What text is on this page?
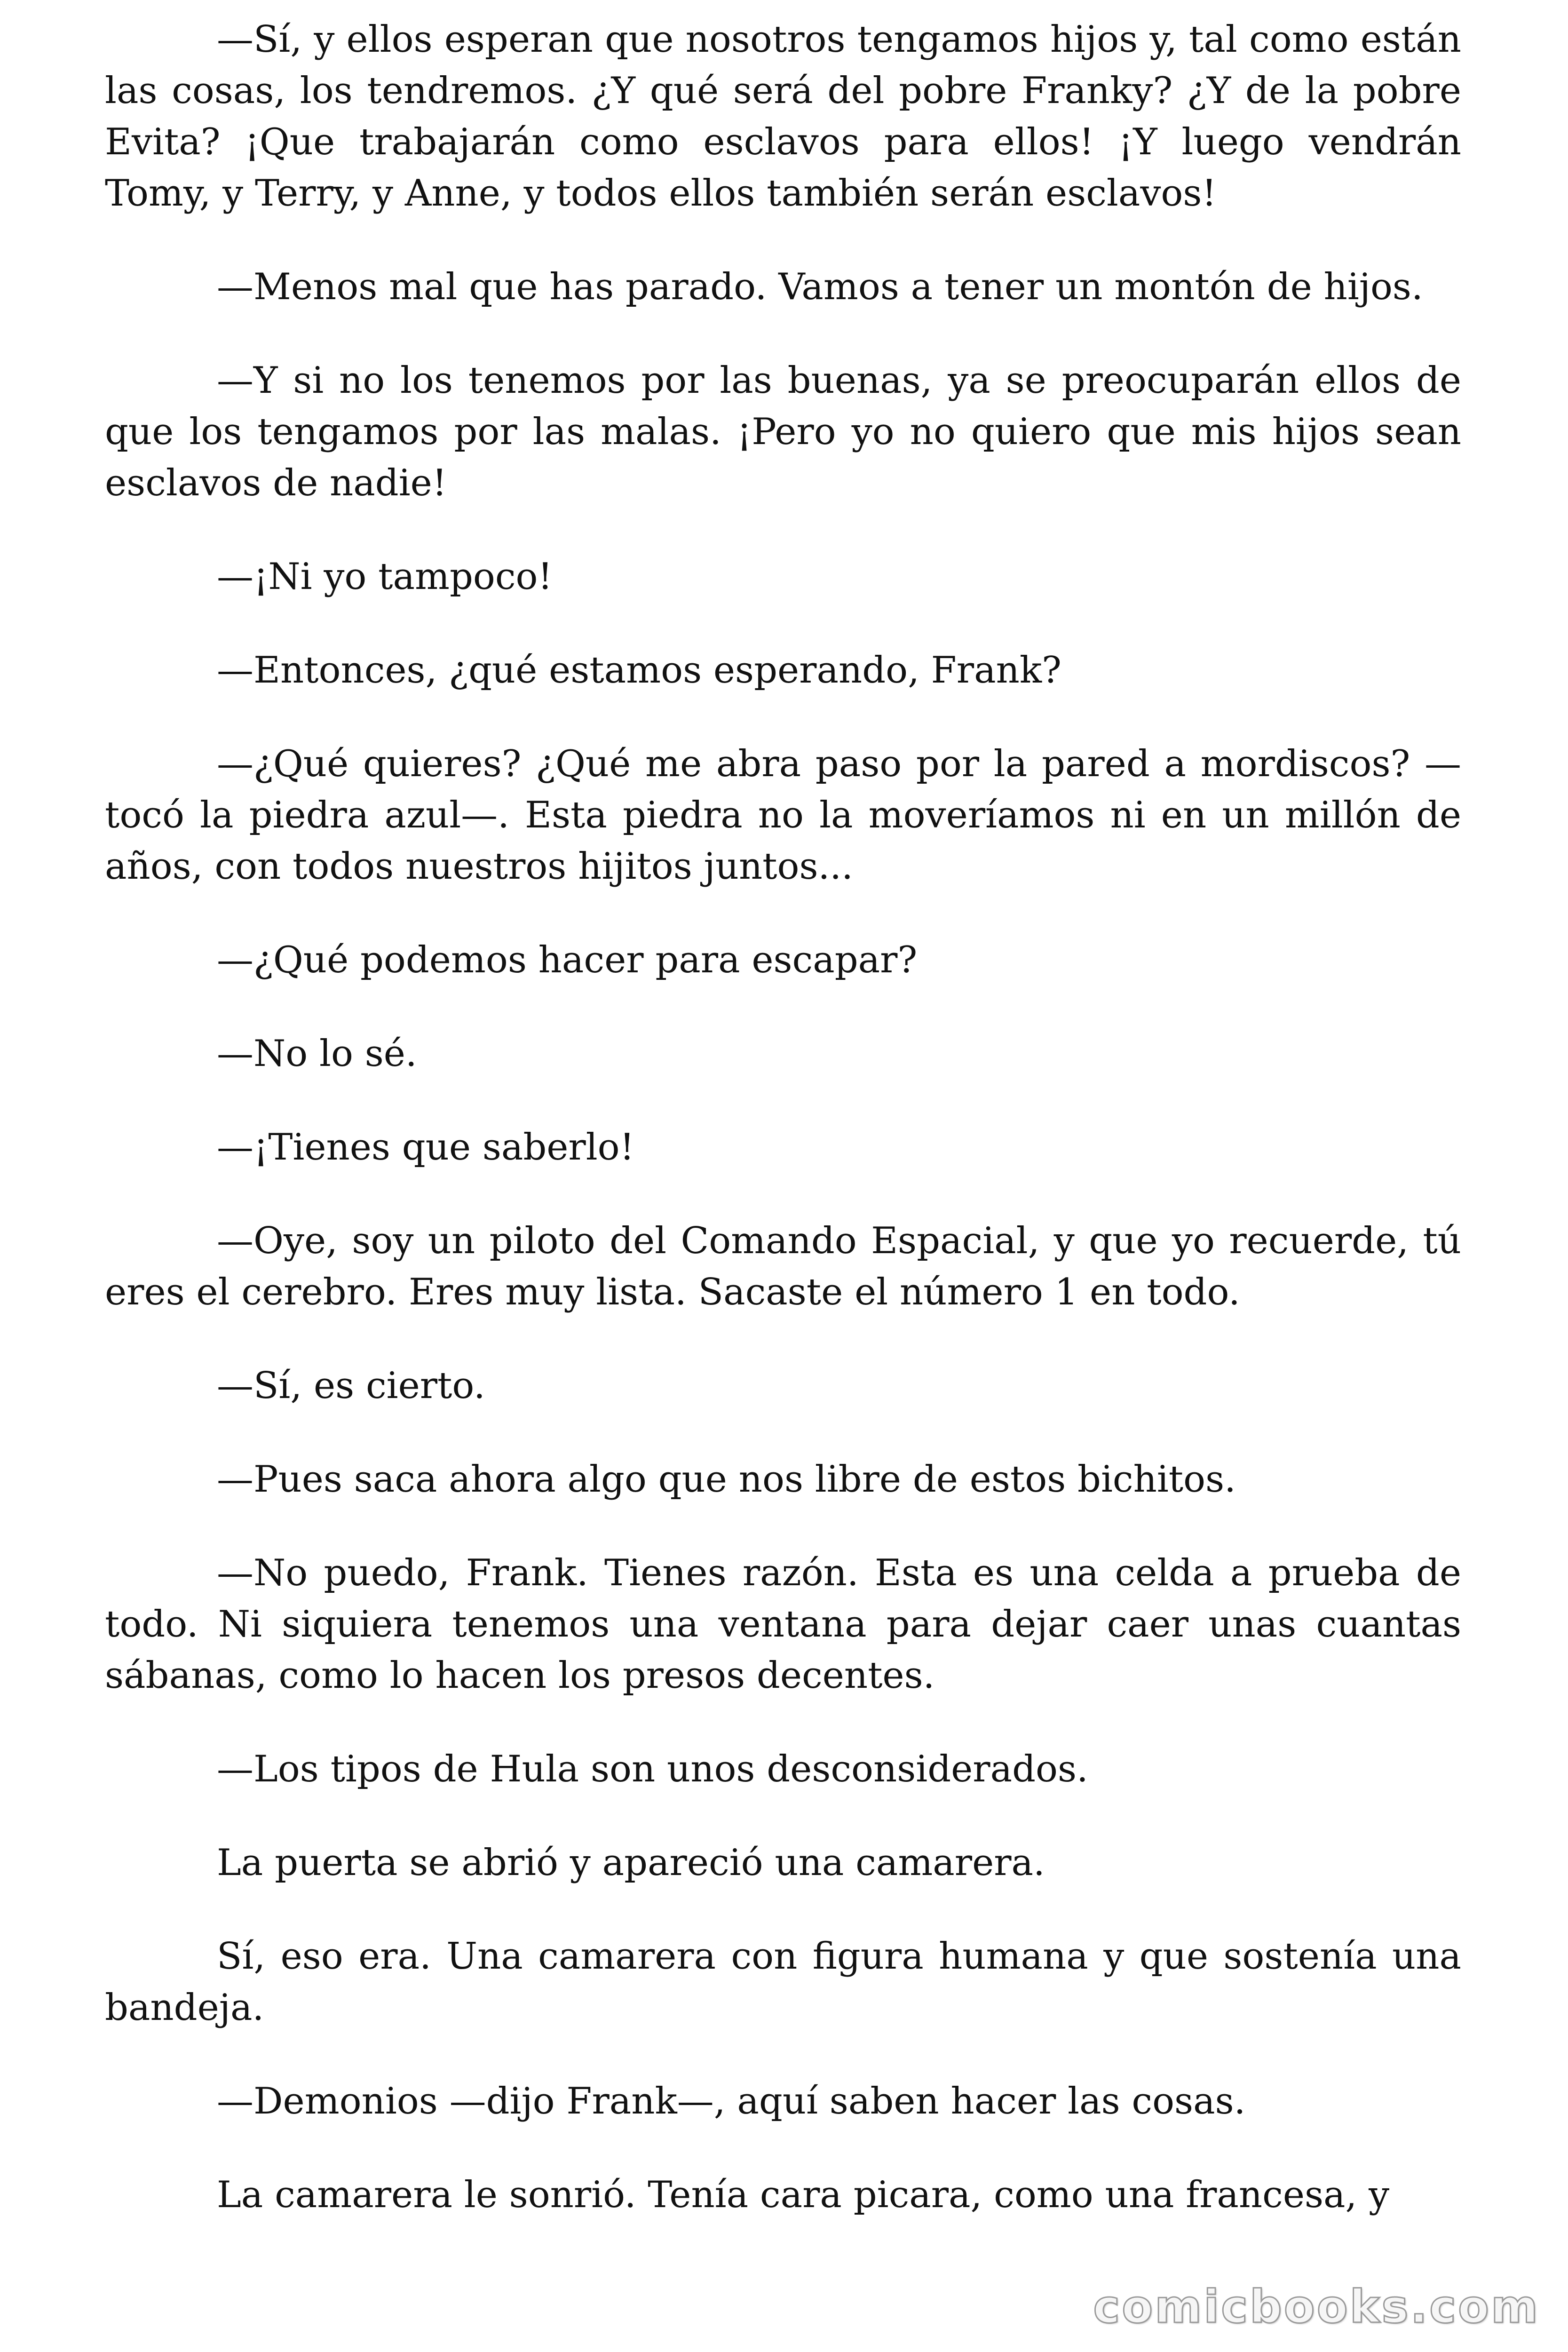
—Sí, y ellos esperan que nosotros tengamos hijos y, tal como están las cosas, los tendremos. ¿Y qué será del pobre Franky? ¿Y de la pobre Evita? ¡Que trabajarán como esclavos para ellos! ¡Y luego vendrán Tomy, y Terry, y Anne, y todos ellos también serán esclavos!

—Menos mal que has parado. Vamos a tener un montón de hijos.

—Y si no los tenemos por las buenas, ya se preocuparán ellos de que los tengamos por las malas. ¡Pero yo no quiero que mis hijos sean esclavos de nadie!

—¡Ni yo tampoco!

—Entonces, ¿qué estamos esperando, Frank?

—¿Qué quieres? ¿Qué me abra paso por la pared a mordiscos? —tocó la piedra azul—. Esta piedra no la moveríamos ni en un millón de años, con todos nuestros hijitos juntos...

—¿Qué podemos hacer para escapar?

—No lo sé.

—¡Tienes que saberlo!

—Oye, soy un piloto del Comando Espacial, y que yo recuerde, tú eres el cerebro. Eres muy lista. Sacaste el número 1 en todo.

—Sí, es cierto.

—Pues saca ahora algo que nos libre de estos bichitos.

—No puedo, Frank. Tienes razón. Esta es una celda a prueba de todo. Ni siquiera tenemos una ventana para dejar caer unas cuantas sábanas, como lo hacen los presos decentes.

—Los tipos de Hula son unos desconsiderados.

La puerta se abrió y apareció una camarera.

Sí, eso era. Una camarera con figura humana y que sostenía una bandeja.

—Demonios —dijo Frank—, aquí saben hacer las cosas.

La camarera le sonrió. Tenía cara picara, como una francesa, y

comicbooks.com
